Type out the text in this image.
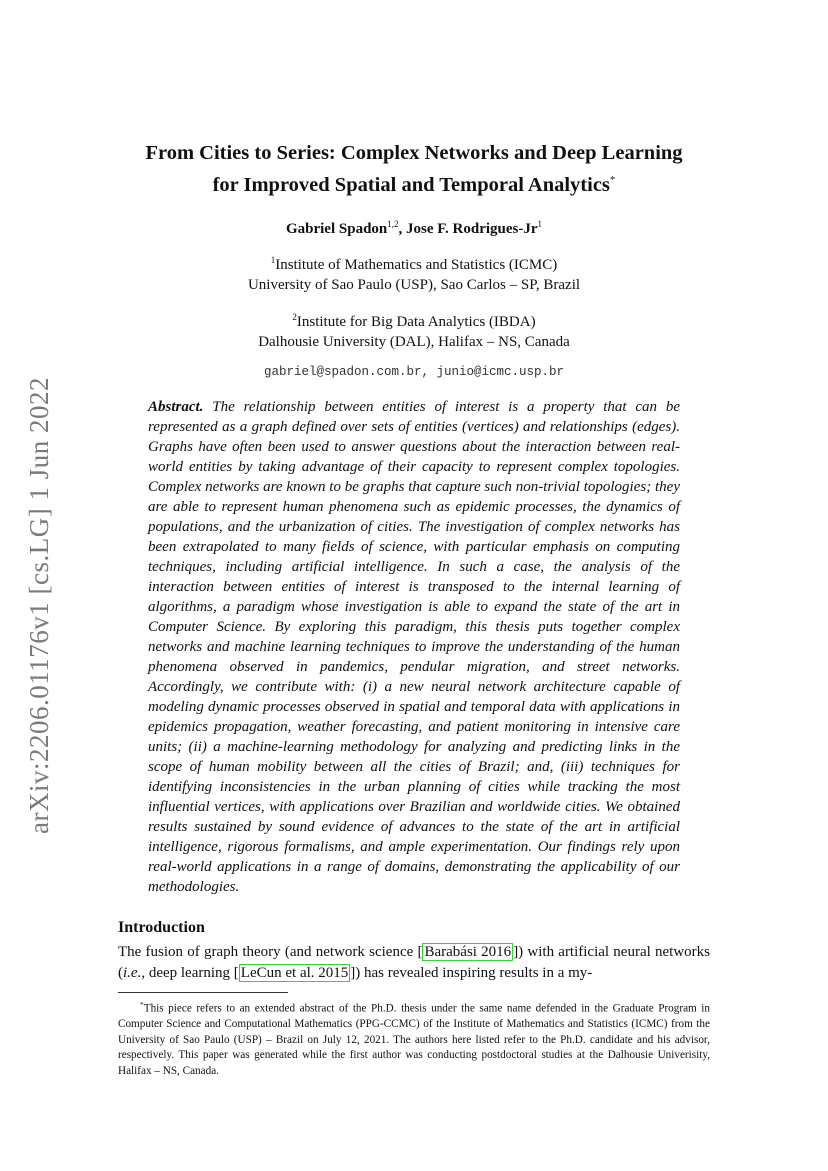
arXiv:2206.01176v1 [cs.LG] 1 Jun 2022
From Cities to Series: Complex Networks and Deep Learning
for Improved Spatial and Temporal Analytics*
Gabriel Spadon$^{1,2}$, Jose F. Rodrigues-Jr$^1$
$^1$Institute of Mathematics and Statistics (ICMC)
University of Sao Paulo (USP), Sao Carlos – SP, Brazil
$^2$Institute for Big Data Analytics (IBDA)
Dalhousie University (DAL), Halifax – NS, Canada
gabriel@spadon.com.br, junio@icmc.usp.br

Abstract. The relationship between entities of interest is a property that can be represented as a graph defined over sets of entities (vertices) and relationships (edges). Graphs have often been used to answer questions about the interaction between real-world entities by taking advantage of their capacity to represent complex topologies. Complex networks are known to be graphs that capture such non-trivial topologies; they are able to represent human phenomena such as epidemic processes, the dynamics of populations, and the urbanization of cities. The investigation of complex networks has been extrapolated to many fields of science, with particular emphasis on computing techniques, including artificial intelligence. In such a case, the analysis of the interaction between entities of interest is transposed to the internal learning of algorithms, a paradigm whose investigation is able to expand the state of the art in Computer Science. By exploring this paradigm, this thesis puts together complex networks and machine learning techniques to improve the understanding of the human phenomena observed in pandemics, pendular migration, and street networks. Accordingly, we contribute with: (i) a new neural network architecture capable of modeling dynamic processes observed in spatial and temporal data with applications in epidemics propagation, weather forecasting, and patient monitoring in intensive care units; (ii) a machine-learning methodology for analyzing and predicting links in the scope of human mobility between all the cities of Brazil; and, (iii) techniques for identifying inconsistencies in the urban planning of cities while tracking the most influential vertices, with applications over Brazilian and worldwide cities. We obtained results sustained by sound evidence of advances to the state of the art in artificial intelligence, rigorous formalisms, and ample experimentation. Our findings rely upon real-world applications in a range of domains, demonstrating the applicability of our methodologies.

Introduction

The fusion of graph theory (and network science [ Barabási 2016 ]) with artificial neural networks (i.e., deep learning [ LeCun et al. 2015 ]) has revealed inspiring results in a my-

*This piece refers to an extended abstract of the Ph.D. thesis under the same name defended in the Graduate Program in Computer Science and Computational Mathematics (PPG-CCMC) of the Institute of Mathematics and Statistics (ICMC) from the University of Sao Paulo (USP) – Brazil on July 12, 2021. The authors here listed refer to the Ph.D. candidate and his advisor, respectively. This paper was generated while the first author was conducting postdoctoral studies at the Dalhousie Univerisity, Halifax – NS, Canada.
